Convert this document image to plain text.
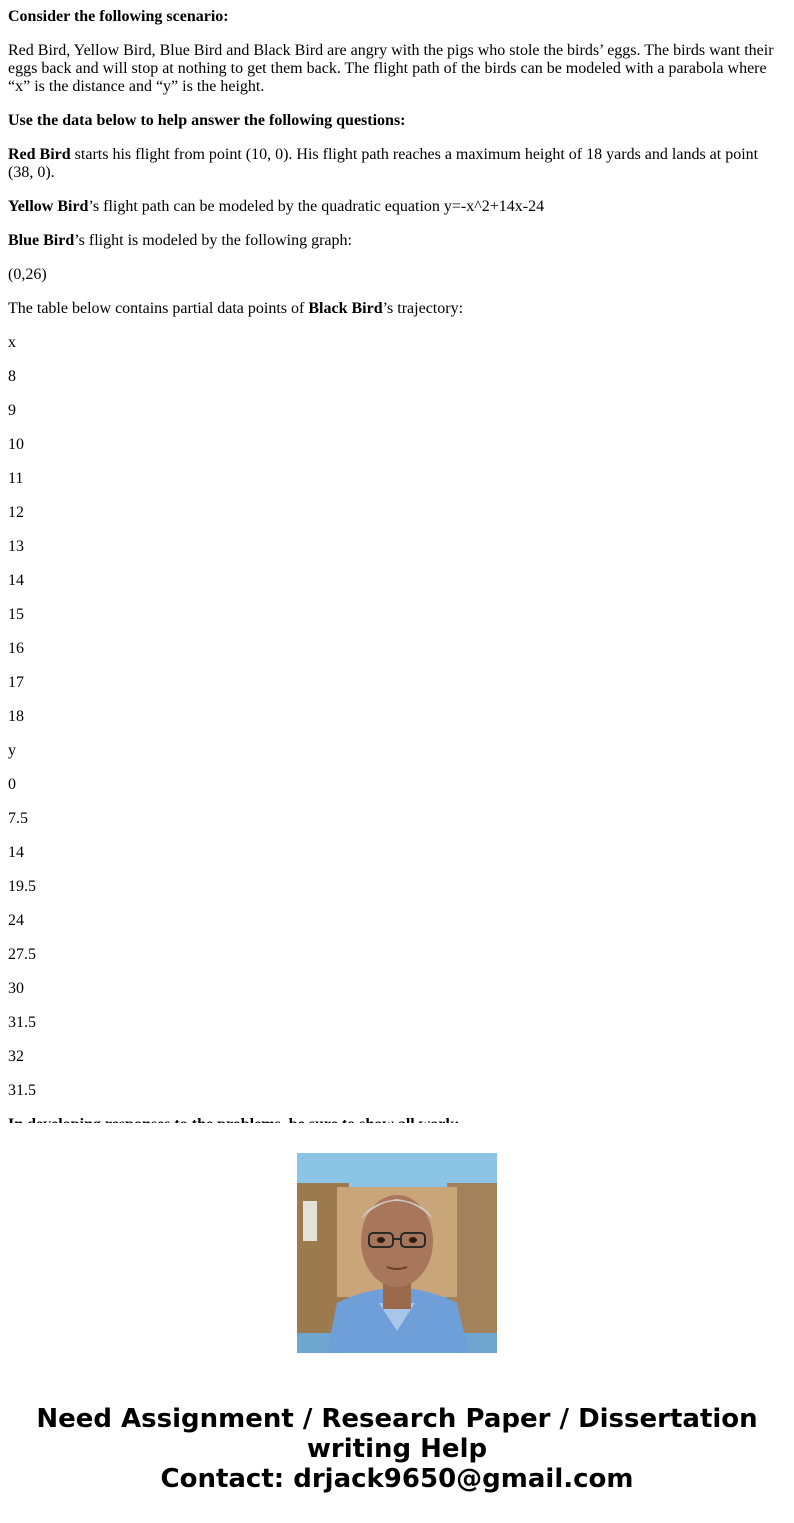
Consider the following scenario:

Red Bird, Yellow Bird, Blue Bird and Black Bird are angry with the pigs who stole the birds’ eggs. The birds want their eggs back and will stop at nothing to get them back. The flight path of the birds can be modeled with a parabola where “x” is the distance and “y” is the height.

Use the data below to help answer the following questions:

Red Bird starts his flight from point (10, 0). His flight path reaches a maximum height of 18 yards and lands at point (38, 0).

Yellow Bird’s flight path can be modeled by the quadratic equation y=-x^2+14x-24

Blue Bird’s flight is modeled by the following graph:

(0,26)

The table below contains partial data points of Black Bird’s trajectory:

x

8

9

10

11

12

13

14

15

16

17

18

y

0

7.5

14

19.5

24

27.5

30

31.5

32

31.5

Need Assignment / Research Paper / Dissertation
writing Help
Contact: drjack9650@gmail.com
